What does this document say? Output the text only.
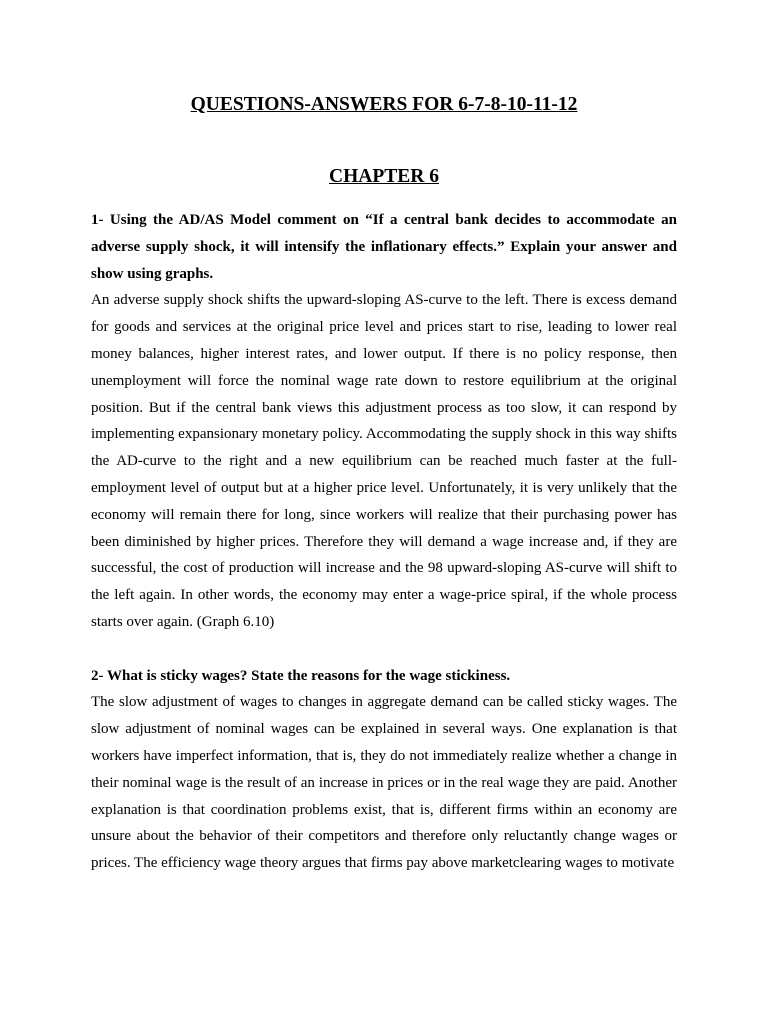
QUESTIONS-ANSWERS FOR 6-7-8-10-11-12
CHAPTER 6

1- Using the AD/AS Model comment on “If a central bank decides to accommodate an adverse supply shock, it will intensify the inflationary effects.” Explain your answer and show using graphs.

An adverse supply shock shifts the upward-sloping AS-curve to the left. There is excess demand for goods and services at the original price level and prices start to rise, leading to lower real money balances, higher interest rates, and lower output. If there is no policy response, then unemployment will force the nominal wage rate down to restore equilibrium at the original position. But if the central bank views this adjustment process as too slow, it can respond by implementing expansionary monetary policy. Accommodating the supply shock in this way shifts the AD-curve to the right and a new equilibrium can be reached much faster at the full-employment level of output but at a higher price level. Unfortunately, it is very unlikely that the economy will remain there for long, since workers will realize that their purchasing power has been diminished by higher prices. Therefore they will demand a wage increase and, if they are successful, the cost of production will increase and the 98 upward-sloping AS-curve will shift to the left again. In other words, the economy may enter a wage-price spiral, if the whole process starts over again. (Graph 6.10)

2- What is sticky wages? State the reasons for the wage stickiness.

The slow adjustment of wages to changes in aggregate demand can be called sticky wages. The slow adjustment of nominal wages can be explained in several ways. One explanation is that workers have imperfect information, that is, they do not immediately realize whether a change in their nominal wage is the result of an increase in prices or in the real wage they are paid. Another explanation is that coordination problems exist, that is, different firms within an economy are unsure about the behavior of their competitors and therefore only reluctantly change wages or prices. The efficiency wage theory argues that firms pay above marketclearing wages to motivate
